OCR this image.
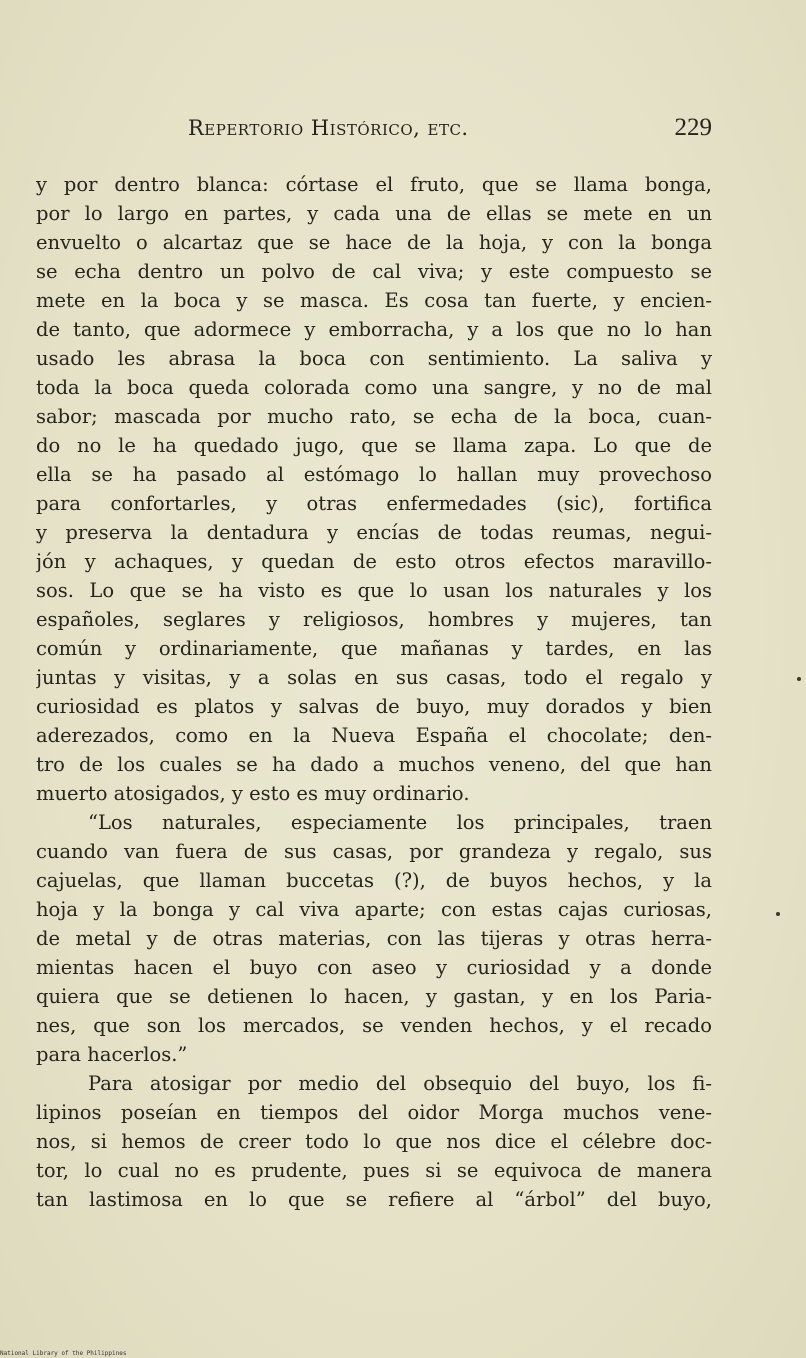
Repertorio Histórico, etc.	229
y por dentro blanca: córtase el fruto, que se llama bonga,
por lo largo en partes, y cada una de ellas se mete en un
envuelto o alcartaz que se hace de la hoja, y con la bonga
se echa dentro un polvo de cal viva; y este compuesto se
mete en la boca y se masca. Es cosa tan fuerte, y encien-
de tanto, que adormece y emborracha, y a los que no lo han
usado les abrasa la boca con sentimiento. La saliva y
toda la boca queda colorada como una sangre, y no de mal
sabor; mascada por mucho rato, se echa de la boca, cuan-
do no le ha quedado jugo, que se llama zapa. Lo que de
ella se ha pasado al estómago lo hallan muy provechoso
para confortarles, y otras enfermedades (sic), fortifica
y preserva la dentadura y encías de todas reumas, negui-
jón y achaques, y quedan de esto otros efectos maravillo-
sos. Lo que se ha visto es que lo usan los naturales y los
españoles, seglares y religiosos, hombres y mujeres, tan
común y ordinariamente, que mañanas y tardes, en las
juntas y visitas, y a solas en sus casas, todo el regalo y
curiosidad es platos y salvas de buyo, muy dorados y bien
aderezados, como en la Nueva España el chocolate; den-
tro de los cuales se ha dado a muchos veneno, del que han
muerto atosigados, y esto es muy ordinario.
“Los naturales, especiamente los principales, traen
cuando van fuera de sus casas, por grandeza y regalo, sus
cajuelas, que llaman buccetas (?), de buyos hechos, y la
hoja y la bonga y cal viva aparte; con estas cajas curiosas,
de metal y de otras materias, con las tijeras y otras herra-
mientas hacen el buyo con aseo y curiosidad y a donde
quiera que se detienen lo hacen, y gastan, y en los Paria-
nes, que son los mercados, se venden hechos, y el recado
para hacerlos.”
Para atosigar por medio del obsequio del buyo, los fi-
lipinos poseían en tiempos del oidor Morga muchos vene-
nos, si hemos de creer todo lo que nos dice el célebre doc-
tor, lo cual no es prudente, pues si se equivoca de manera
tan lastimosa en lo que se refiere al “árbol” del buyo,
National Library of the Philippines
